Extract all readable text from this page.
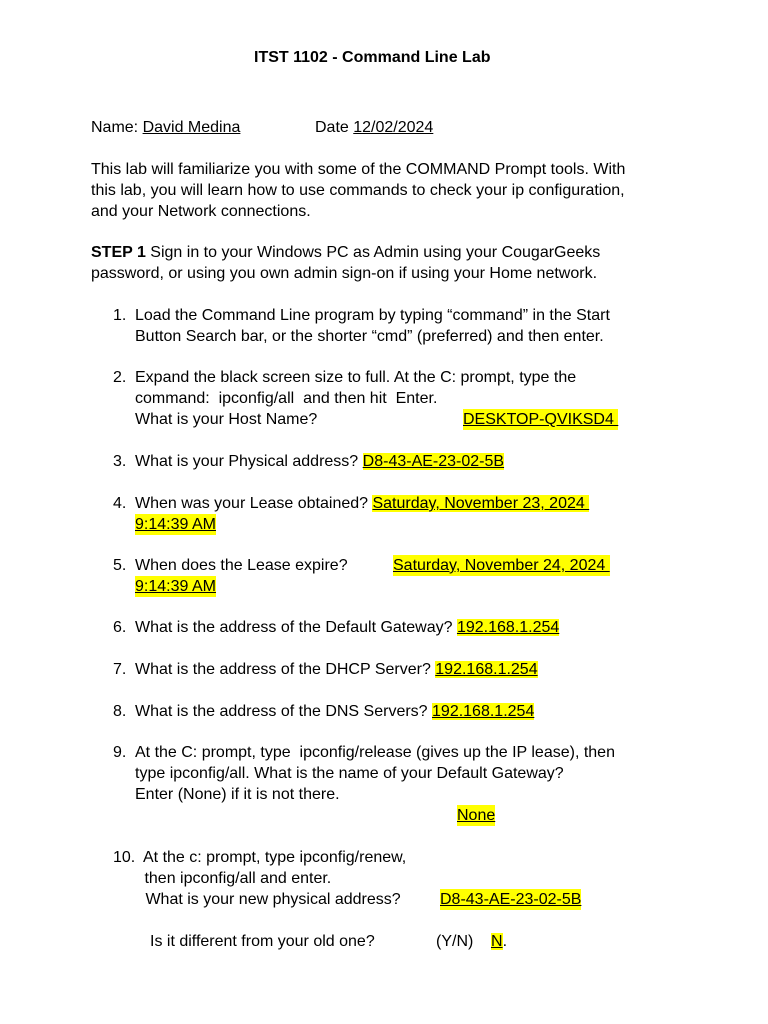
ITST 1102 - Command Line Lab
Name: David Medina	Date 12/02/2024
This lab will familiarize you with some of the COMMAND Prompt tools. With
this lab, you will learn how to use commands to check your ip configuration,
and your Network connections.
STEP 1 Sign in to your Windows PC as Admin using your CougarGeeks
password, or using you own admin sign-on if using your Home network.
1. Load the Command Line program by typing “command” in the Start
Button Search bar, or the shorter “cmd” (preferred) and then enter.
2. Expand the black screen size to full. At the C: prompt, type the
command:  ipconfig/all  and then hit  Enter.
What is your Host Name?	DESKTOP-QVIKSD4
3. What is your Physical address? D8-43-AE-23-02-5B
4. When was your Lease obtained? Saturday, November 23, 2024
9:14:39 AM
5. When does the Lease expire?	Saturday, November 24, 2024
9:14:39 AM
6. What is the address of the Default Gateway? 192.168.1.254
7. What is the address of the DHCP Server? 192.168.1.254
8. What is the address of the DNS Servers? 192.168.1.254
9. At the C: prompt, type  ipconfig/release (gives up the IP lease), then
type ipconfig/all. What is the name of your Default Gateway?
Enter (None) if it is not there.
None
10. At the c: prompt, type ipconfig/renew,
then ipconfig/all and enter.
What is your new physical address? D8-43-AE-23-02-5B
Is it different from your old one?	(Y/N) N.
